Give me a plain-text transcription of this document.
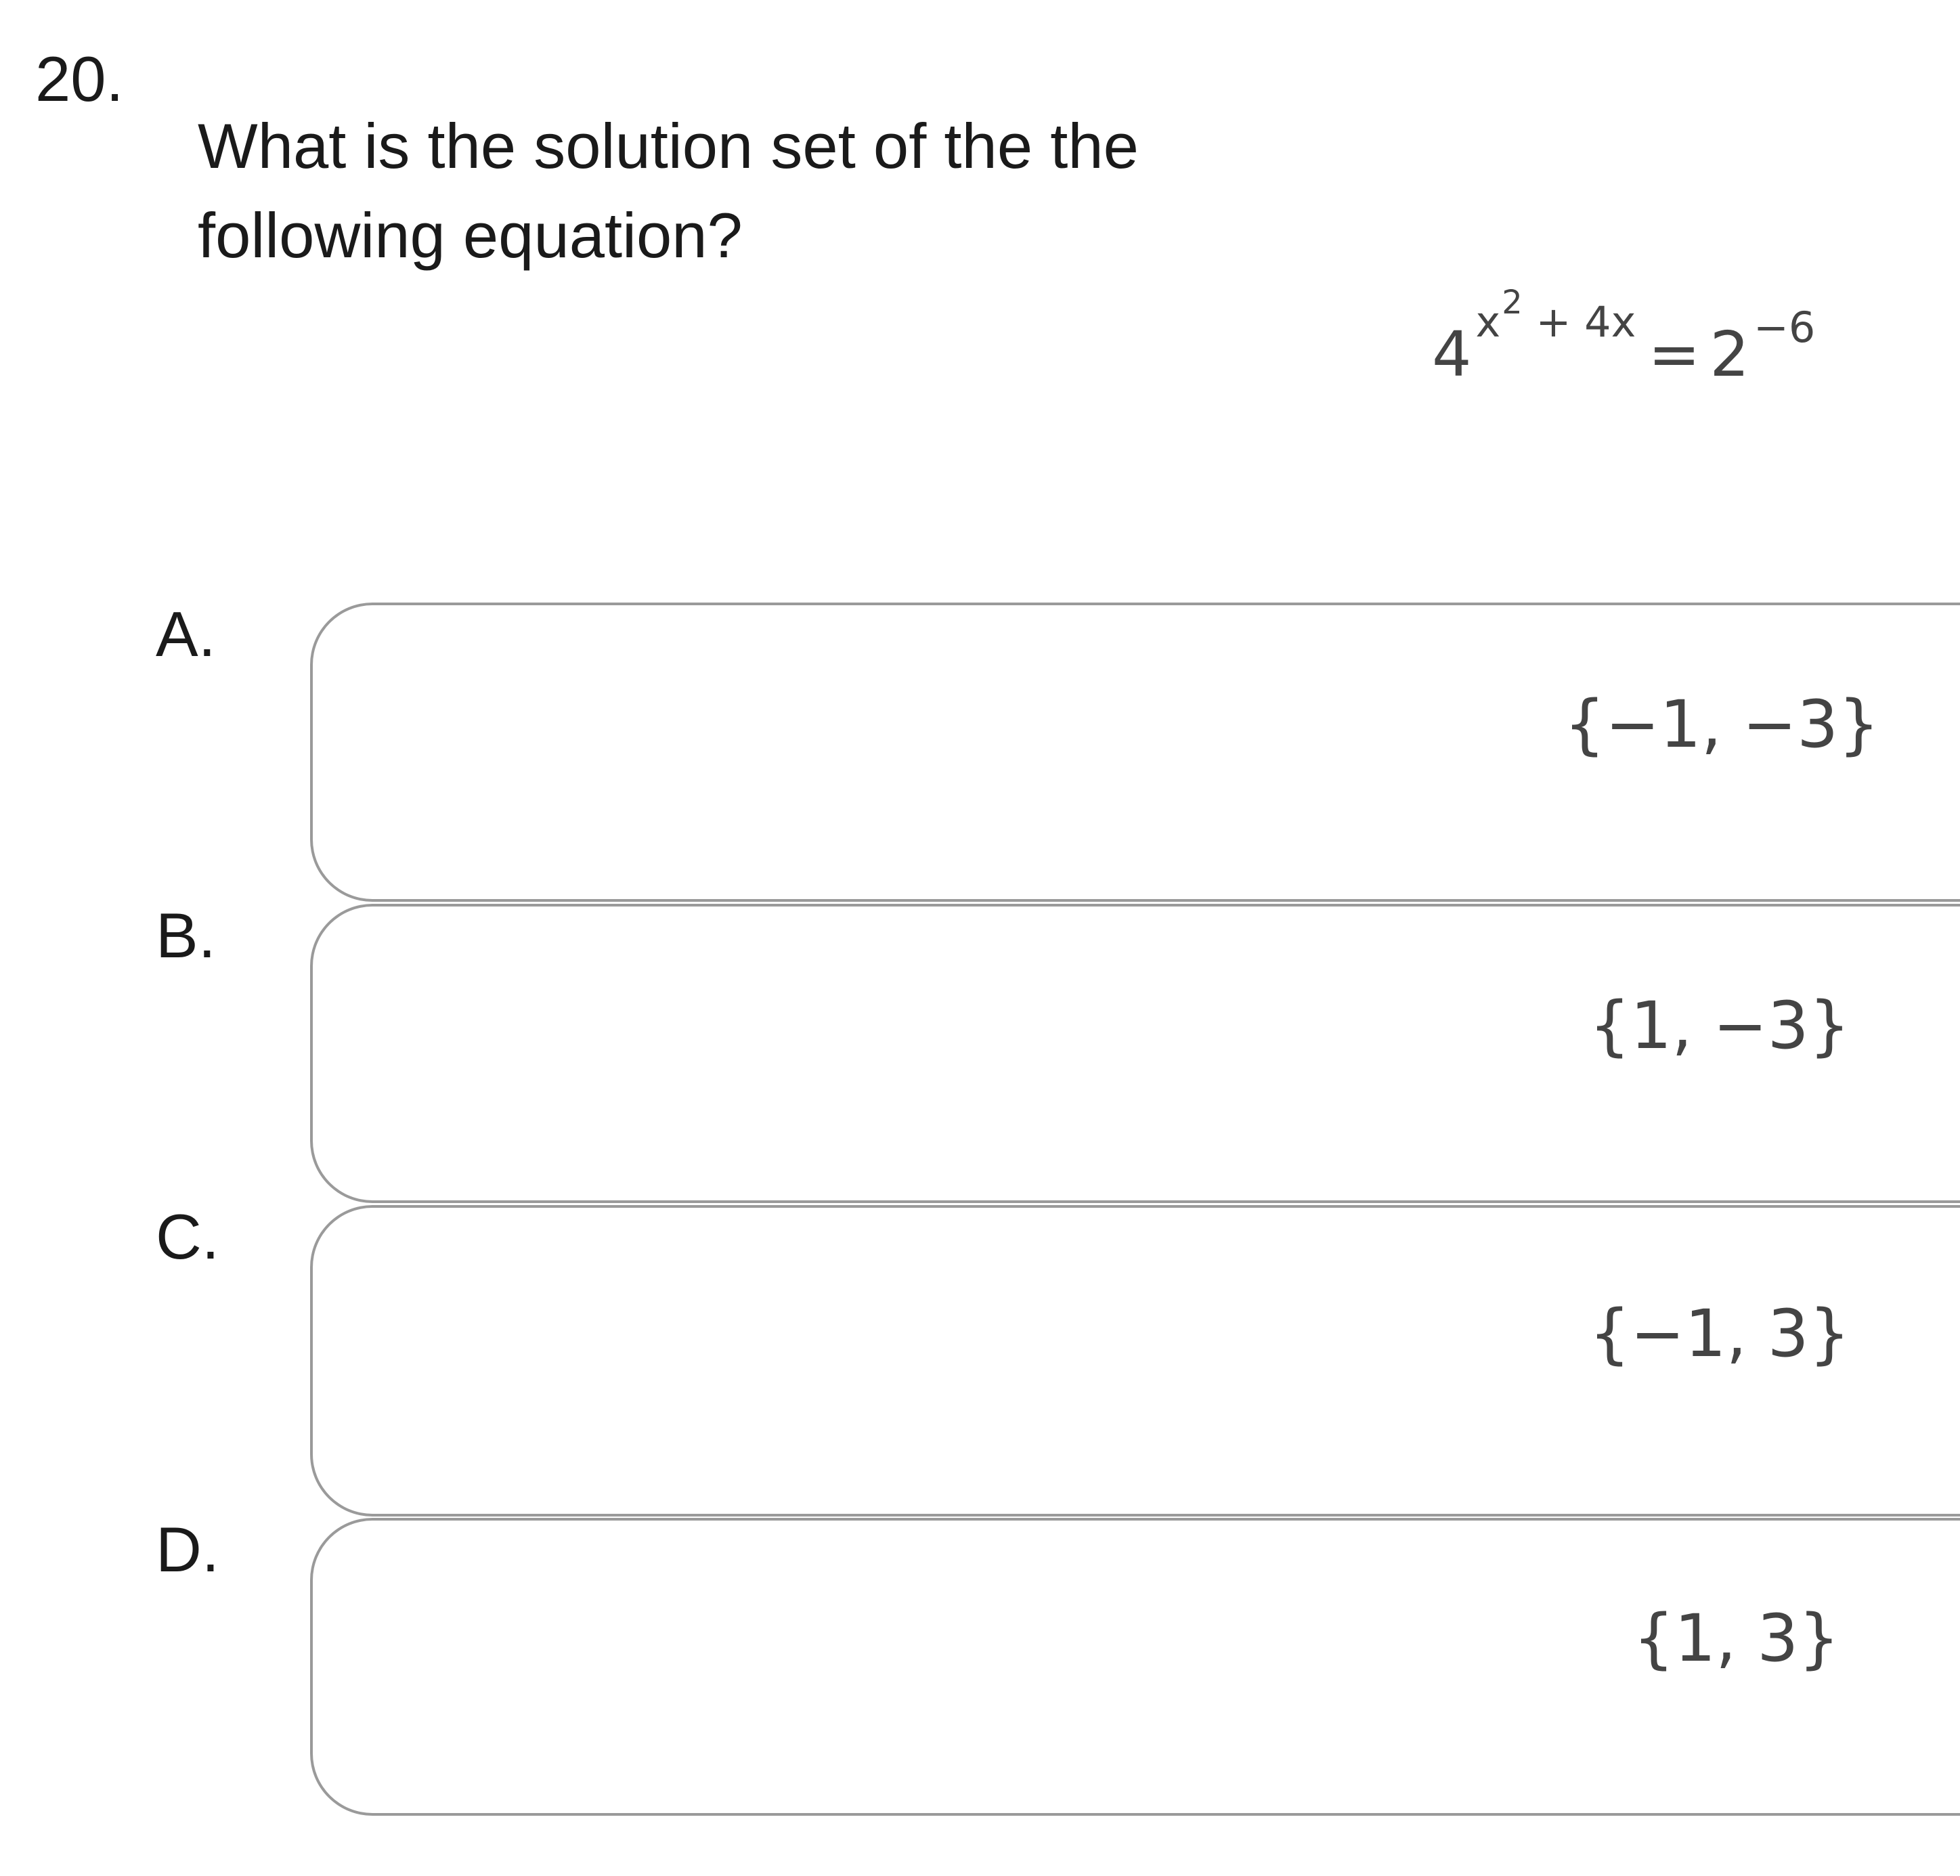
20.
What is the solution set of the the following equation?
4x2 + 4x = 2−6
A.
{−1, −3}
B.
{1, −3}
C.
{−1, 3}
D.
{1, 3}
